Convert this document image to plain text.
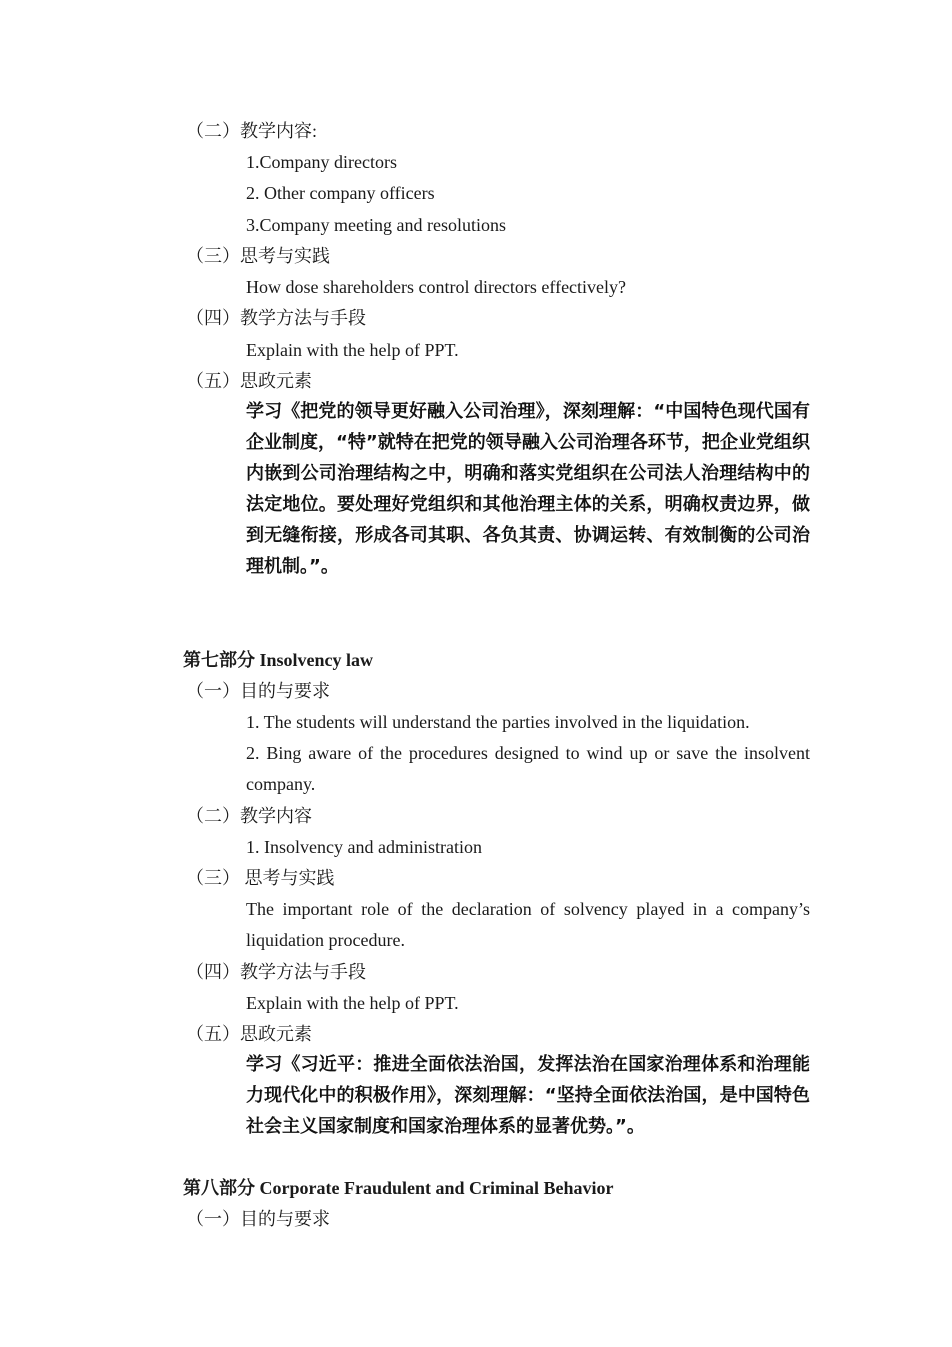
（二）教学内容:
1.Company directors
2. Other company officers
3.Company meeting and resolutions
（三）思考与实践
How dose shareholders control directors effectively?
（四）教学方法与手段
Explain with the help of PPT.
（五）思政元素
学习《把党的领导更好融入公司治理》，深刻理解：“中国特色现代国有企业制度，“特”就特在把党的领导融入公司治理各环节，把企业党组织内嵌到公司治理结构之中，明确和落实党组织在公司法人治理结构中的法定地位。要处理好党组织和其他治理主体的关系，明确权责边界，做到无缝衔接，形成各司其职、各负其责、协调运转、有效制衡的公司治理机制。”。
第七部分 Insolvency law
（一）目的与要求
1. The students will understand the parties involved in the liquidation.
2. Bing aware of the procedures designed to wind up or save the insolvent company.
（二）教学内容
1. Insolvency and administration
（三） 思考与实践
The important role of the declaration of solvency played in a company’s liquidation procedure.
（四）教学方法与手段
Explain with the help of PPT.
（五）思政元素
学习《习近平：推进全面依法治国，发挥法治在国家治理体系和治理能力现代化中的积极作用》，深刻理解：“坚持全面依法治国，是中国特色社会主义国家制度和国家治理体系的显著优势。”。
第八部分 Corporate Fraudulent and Criminal Behavior
（一）目的与要求
